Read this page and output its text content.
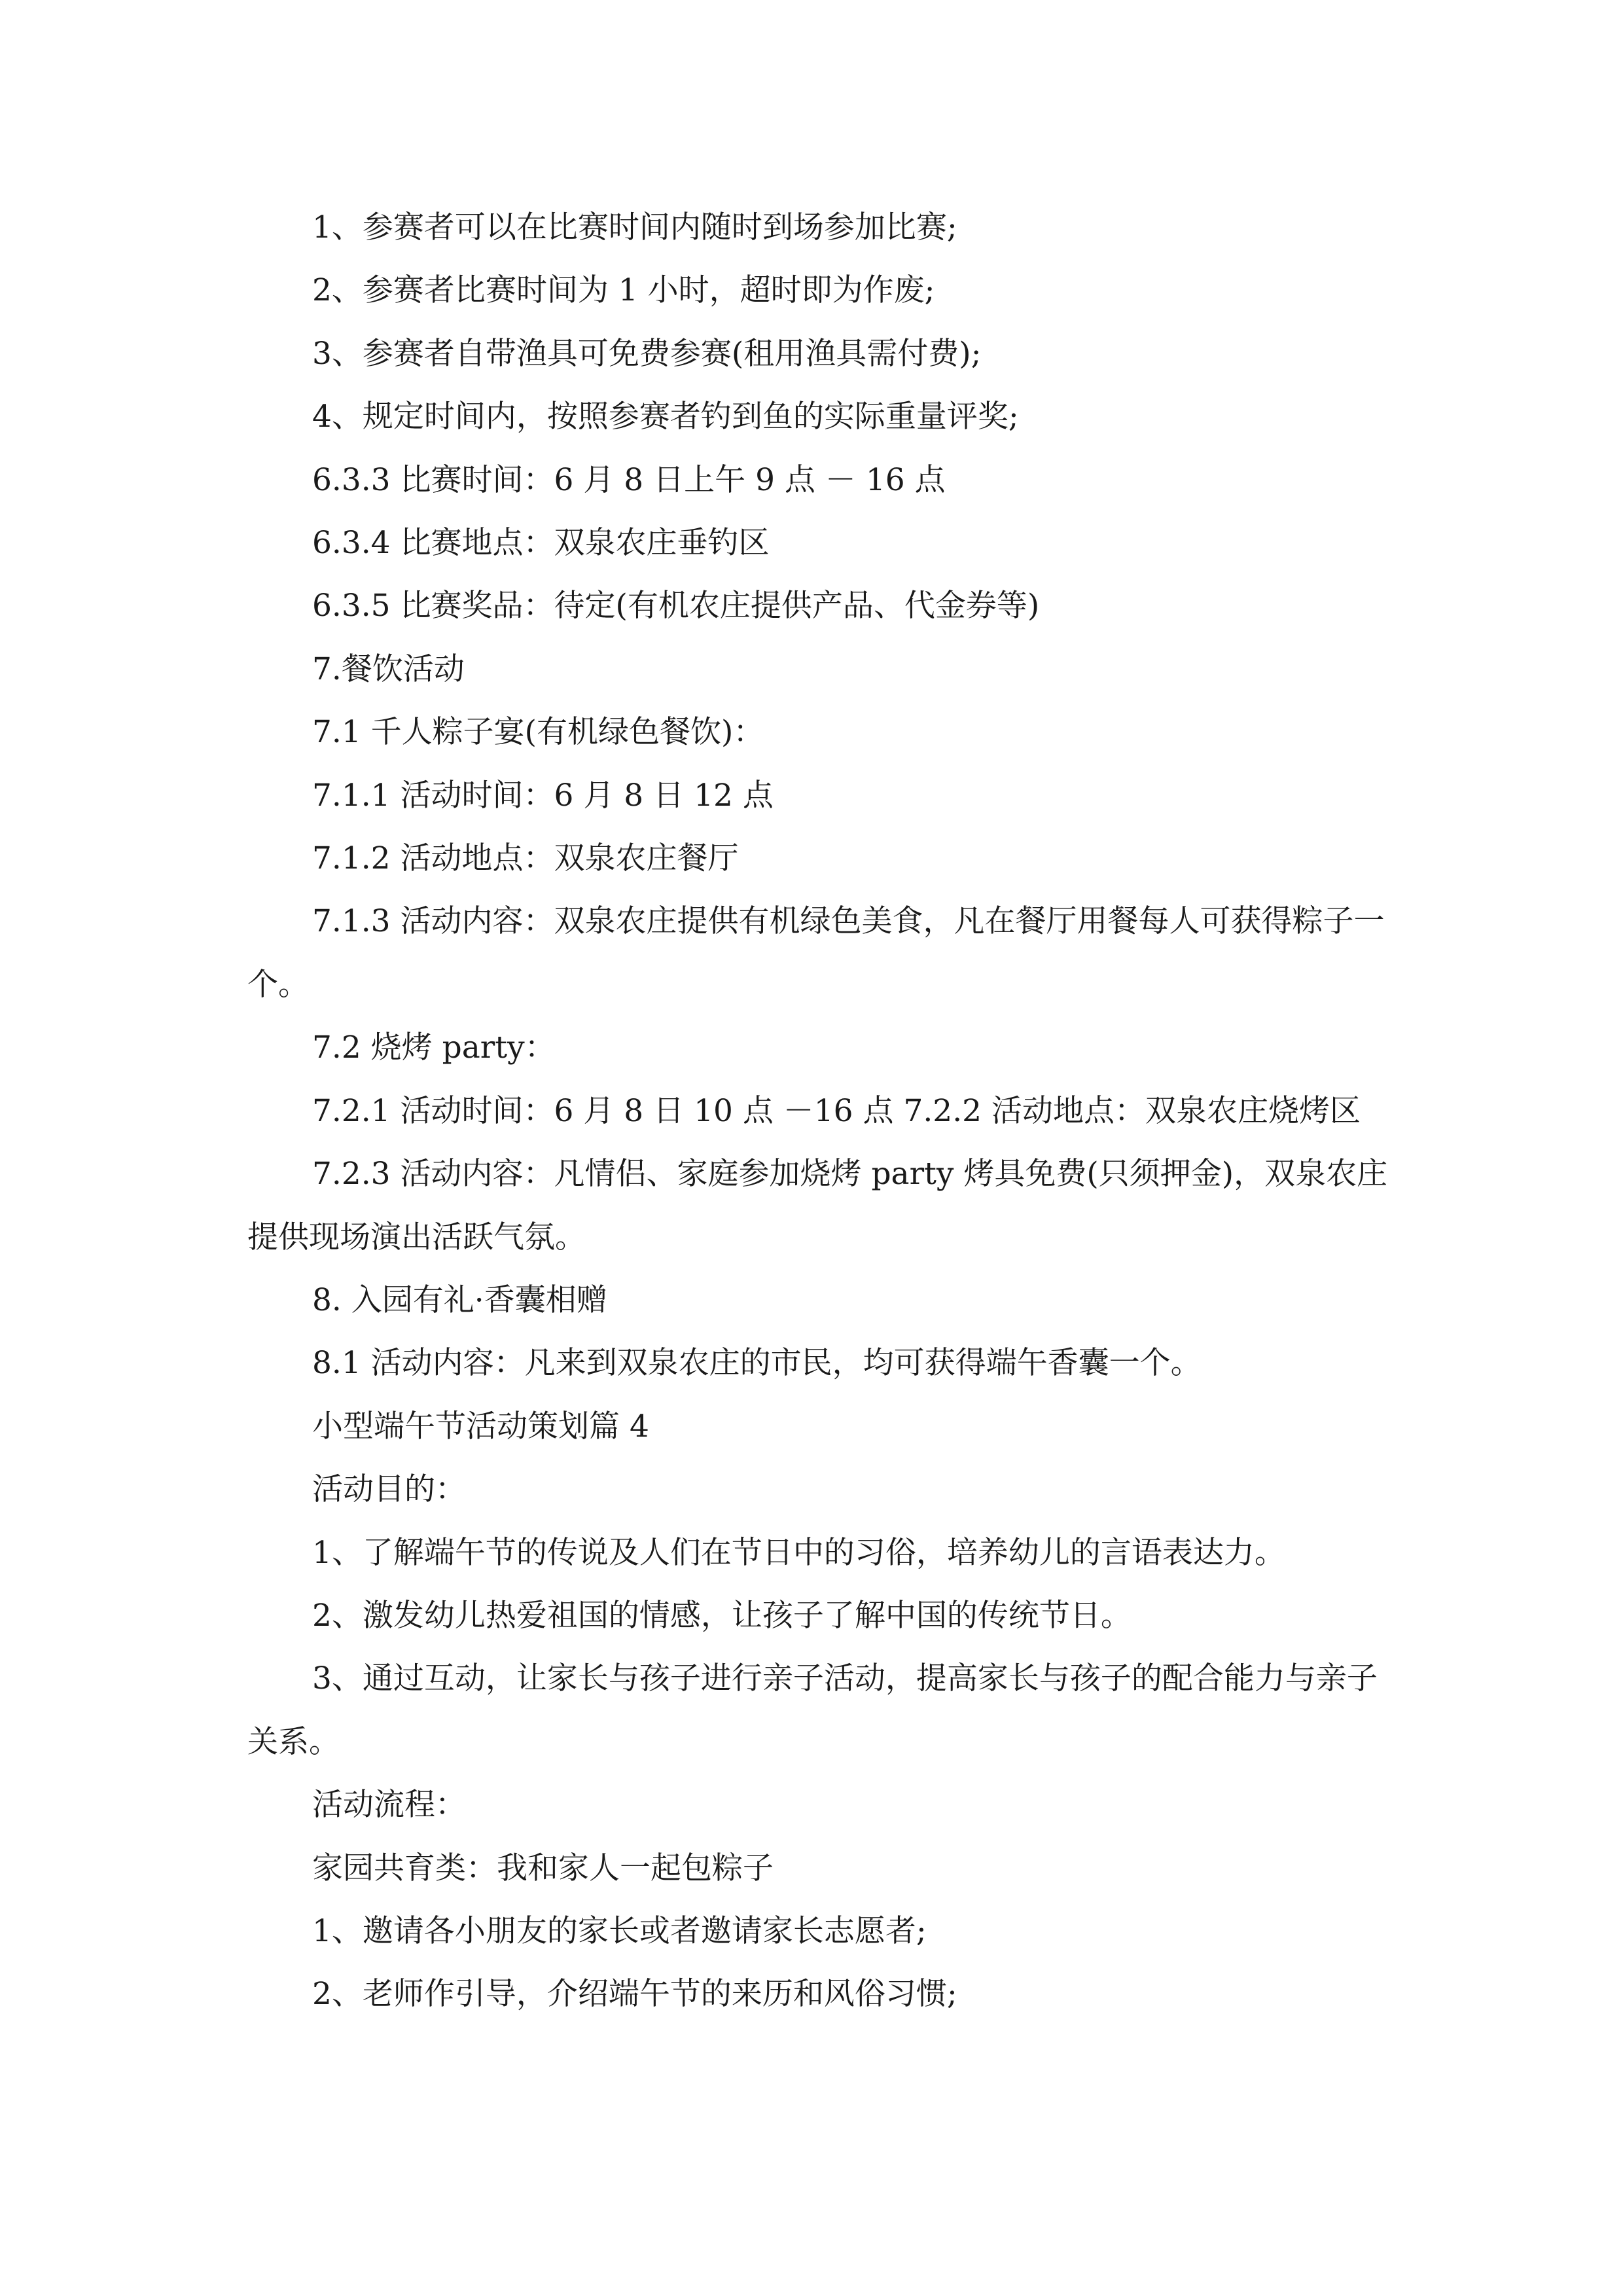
1、参赛者可以在比赛时间内随时到场参加比赛;

2、参赛者比赛时间为 1 小时，超时即为作废;

3、参赛者自带渔具可免费参赛(租用渔具需付费);

4、规定时间内，按照参赛者钓到鱼的实际重量评奖;

6.3.3 比赛时间：6 月 8 日上午 9 点 － 16 点

6.3.4 比赛地点：双泉农庄垂钓区

6.3.5 比赛奖品：待定(有机农庄提供产品、代金券等)

7.餐饮活动

7.1 千人粽子宴(有机绿色餐饮)：

7.1.1 活动时间：6 月 8 日 12 点

7.1.2 活动地点：双泉农庄餐厅

7.1.3 活动内容：双泉农庄提供有机绿色美食，凡在餐厅用餐每人可获得粽子一个。

7.2 烧烤 party：

7.2.1 活动时间：6 月 8 日 10 点 －16 点 7.2.2 活动地点：双泉农庄烧烤区

7.2.3 活动内容：凡情侣、家庭参加烧烤 party 烤具免费(只须押金)，双泉农庄提供现场演出活跃气氛。

8. 入园有礼·香囊相赠

8.1 活动内容：凡来到双泉农庄的市民，均可获得端午香囊一个。

小型端午节活动策划篇 4

活动目的：

1、了解端午节的传说及人们在节日中的习俗，培养幼儿的言语表达力。

2、激发幼儿热爱祖国的情感，让孩子了解中国的传统节日。

3、通过互动，让家长与孩子进行亲子活动，提高家长与孩子的配合能力与亲子关系。

活动流程：

家园共育类：我和家人一起包粽子

1、邀请各小朋友的家长或者邀请家长志愿者;

2、老师作引导，介绍端午节的来历和风俗习惯;
